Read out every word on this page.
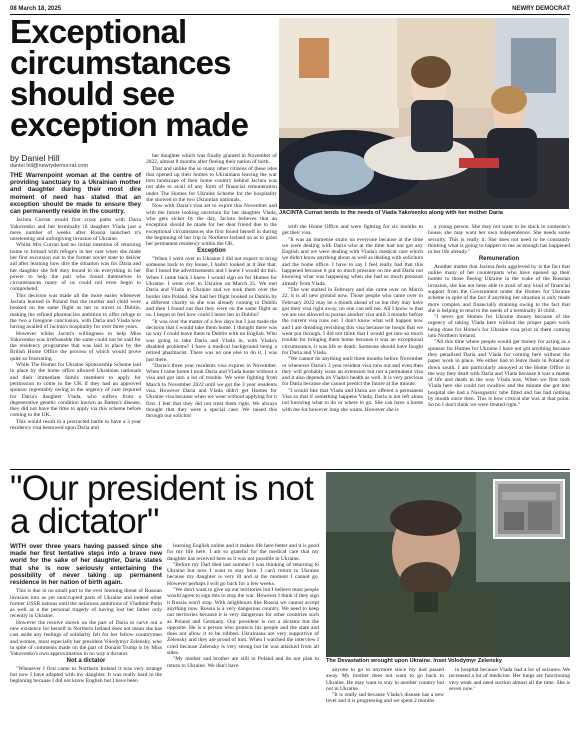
08 March 18, 2025	NEWRY DEMOCRAT
Exceptional circumstances should see exception made
JACINTA Curran tends to the needs of Viada Yakovenko along with her mother Daria
by Daniel Hill
daniel.hill@newrydemocrat.com

THE Warrenpoint woman at the centre of providing sanctuary to a Ukrainian mother and daughter during their most dire moment of need has stated that an exception should be made to ensure they can permanently reside in the country.

Jacinta Curran would first cross paths with Daria Yakovenko and her terminally ill daughter Vlada just a mere number of weeks after Russia launched it's unrelenting and unforgiving invasion of Ukraine.

Whilst Mrs Curran had no initial intention of returning home to Ireland with refuge's in her care when she made her first excursion out to the former soviet state to deliver aid after learning how dire the situation was for Daria and her daughter she felt duty bound to do everything in her power to help the pair who found themselves in circumstances many of us could not even begin to comprehend.

This decision was made all the more easier whenever Jacinta learned in Poland that the mother and child were booked on the same flight as her to travel to Dublin, making the refined pharmacists ambition to offer refuge to the two a foregone conclusion, with Daria and Vlada now having availed of Jacinta's hospitality for over three years.

However whilst Jacint's willingness to help Miss Yakovenko was irrefuseable the same could not be said for the residency programme that was laid in place by the British Home Office the process of which would prove quite so frustrating.

While The Homes for Ukraine Sponsorship Scheme laid in place by the home office allowed Ukrainian nationals and their immediate family members to apply for permission to come to the UK if they had an approved sponsor regrettably owing to the urgency of care required for Daria's daughter Vlada, who suffers from a degenerative genetic condition known as Batten's disease, they did not have the time to apply via this scheme before coming to the UK.

This would result in a protracted battle to have a 3 year residency visa bestowed upon Daria and

her daughter which was finally granted in November of 2022, almost 8 months after fleeing their nation of birth.

That and unlike the so many other citizens of these isles that opened up their homes to Ukrainians leaving the war torn landscape of their home country behind Jacinta was not able to avail of any form of financial remuneration under The Homes for Ukraine Scheme for the hospitality she showed to the two Ukrainian nationals.

Now with Daria's visa set to expire this November and with the future looking uncertain for her daughter Vlada, who gets sicker by the day, Jacinta believes that an exception should be made for her dear friend due to the exceptional circumstances she first found herself in during the beginning of her trip to Northern Ireland so as to grant her permanent residency within the UK.

Exception

"When I went over to Ukraine I did not expect to bring someone back to my house, I hadn't looked at it like that. But I heard the advertisements and I knew I would do this. When I came back I knew I would sign on for Homes for Ukraine. I went over to Ukraine on March 25. We met Daria and Vlada in Ukraine and we took them over the border into Poland. She had her flight booked to Dublin by a different charity so she was already coming to Dublin and then I found out that they were on the same flight as us. I began to feel how could I leave her in Dublin?

"It was over the matter of a few days but I just made the decision that I would take them home. I thought there was no way I could leave them in Dublin with no English. Who was going to take Daria and Vlada in, with Vlada's disabled problems? I have a medical background being a retired pharmacist. There was no one else to do it, I was just there.

"Daria's three year residents visa expires in November. When I came home I took Daria and Vlada home without a visa and got into a lot of trouble. We were fighting from March to November 2022 until we got the 3 year residents visa. However Daria and Vlada didn't get Homes for Ukraine visa because when we went without applying for it first. I feel that they did not treat them right. We always thought that they were a special case. We raised this through our solicitor

with the Home Office and were fighting for six months to get their visa.

"It was an immense strain on everyone because at the time we were dealing with Daria who at the time had not got any English and we were dealing with Vlada's medical care which we didn't know anything about as well as dealing with solicitors and the home office. I have to say I feel really bad that this happened because it put so much pressure on me and Daria not knowing what was happening when she had so much pressure already from Vlada.

"The war started in February and she came over on March 22, it is all new ground now. Those people who came over in February 2022 may be a month ahead of us but they may have got their visa right away, no one can tell me. All I know is that we are not allowed to pursue another visa until 3 months before the current visa runs out. I don't know what will happen now and I am dreading revisiting this visa because he hoops that we went put through. I did not think that I would get into so much trouble for bringing them home because it was an exceptional circumstance, it was life or death. Someone should have fought for Daria and Vlada.

"We cannot do anything until three months before November or whenever Daria's 3 year resident visa runs out and even then they will probably issue an extension but not a permanent visa and it also depends on Vlada's health as well. It is very precious for Daria because she cannot predict the future at the minute.

"I would like that Vlada and Daria are offered a permanent Visa so that if something happens Vlada, Daria is not left alone not knowing what to do or where to go. She can have a home with me for however long she wants. However she is

a young person. She may not want to be stuck in someone's house, she may want her own independence. She needs some security. This is really it. She does not need to be constantly thinking what is going to happen to me as enough has happened in her life already."

Remuneration

Another matter that Jacinta feels aggrieved by is the fact that unlike many of her counterparts who have opened up their homes to those fleeing Ukraine in the wake of the Russian invasion, she has not been able to avail of any kind of financial support from the Government under the Homes for Ukraine scheme in spite of the fact if anything her situation is only made more complex and financially draining owing to the fact that she is helping to tend to the needs of a terminally ill child.

"I never got Homes for Ukraine money because of the urgency of taking Vlada here without the proper paper work being done for Home's for Ukraine visa prior to them coming into Northern Ireland.

"All this time where people would get money for acting as a sponsor for Homes for Ukraine I have not got anything because they penalised Daria and Vlada for coming here without the paper work in place. We either had to leave them in Poland or down south. I am particularly annoyed at the Home Office in the way they dealt with Daria and Vlada because it was a matter of life and death in the way Vlada was. When we first took Vlada here she could not swallow and the minute she got into hospital she had a Nasogastric tube fitted and has had nothing by mouth since then. This is how critical she was at that point. So no I don't think we were treated right."

"Our president is not a dictator"
The Devastation wrought upon Ukraine. Inset Volodymyr Zelensky

WITH over three years having passed since she made her first tentative steps into a brave new world for the sake of her daughter, Daria states that she is now seriously entertaining the possibility of never taking up permanent residence in her nation of birth again.

This is due in no small part to the ever looming threat of Russian invasion into as yet unoccupied parts of Ukraine and indeed other former USSR nations until the nefarious ambitions of Vladimir Putin as well as a the personal tragedy of having lost her father only recently in Ukraine.

However the resolve shown on the part of Daria to carve out a new existence for herself in Northern Ireland does not mean she has cast aside any feelings of solidarity felt for her fellow countrymen and women, most especially her president Volodymyr Zelensky, who in spite of comments made on the part of Donald Trump is by Miss Yakovenko's own approximation in no way a dictator.

Not a dictator

"Whenever I first came to Northern Ireland it was very strange but now I have adapted with my daughter. It was really hard in the beginning because I did not know English but I have been

learning English online and it makes life here better and it is good for my life here. I am so grateful for the medical care that my daughter has received here as it was not possible in Ukraine.

"Before my Dad died last summer I was thinking of returning to Ukraine but now I want to stay here. I can't return to Ukraine because my daughter is very ill and at the moment I cannot go. However perhaps I will go back for a few weeks.

"We don't want to give up our territories but I believe most people would agree to sign this to stop the war. However I think if they sign it Russia won't stop. With neighbours like Russia we cannot accept anything now. Russia is a very dangerous country. We need to keep our territories because it is very dangerous for other countries such as Poland and Germany. Our president is not a dictator but the opposite. He is a person who protects his people and the state and does not allow it to be robbed. Ukrainians are very supportive of Zelensky and they are proud of him. When I watched the interview I cried because Zelensky is very strong but he was attacked from all sides.

"My mother and brother are still in Poland and do not plan to return to Ukraine. We don't have

anyone to go to anymore since my dad passed away. My brother does not want to go back to Ukraine. He may want to stay in another country but not in Ukraine.

"It is really sad because Vlada's disease has a new level and it is progressing and we spent 2 months

in hospital because Vlada had a lot of seizures. We increased a lot of medicine. Her lungs are functioning very weak and need suction almost all the time. She is seven now."
